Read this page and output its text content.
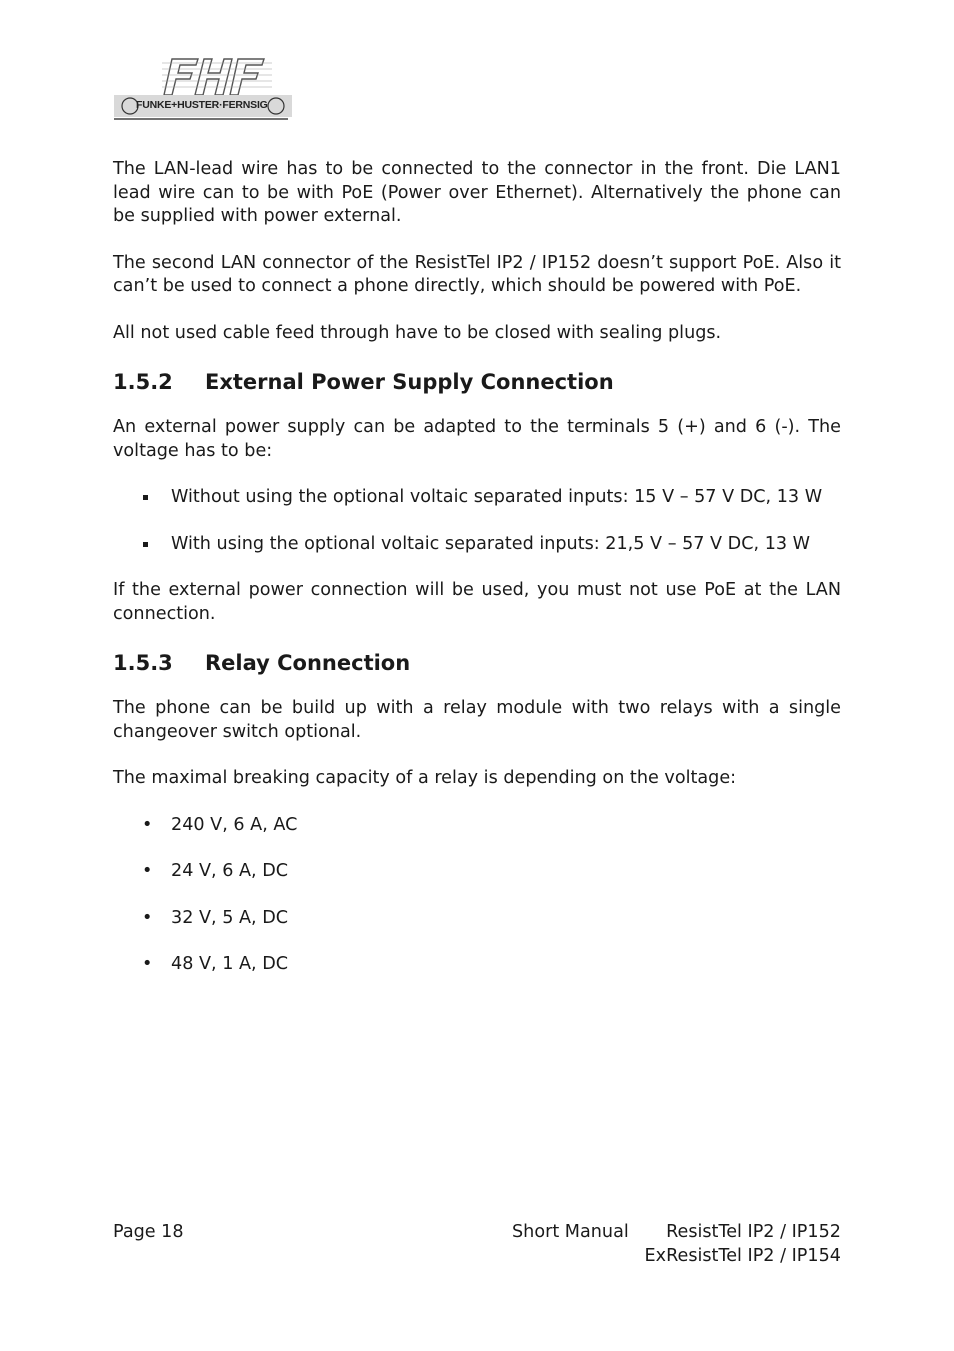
FUNKE+HUSTER·FERNSIG

The LAN-lead wire has to be connected to the connector in the front. Die LAN1 lead wire can to be with PoE (Power over Ethernet). Alternatively the phone can be supplied with power external.

The second LAN connector of the ResistTel IP2 / IP152 doesn’t support PoE. Also it can’t be used to connect a phone directly, which should be powered with PoE.

All not used cable feed through have to be closed with sealing plugs.

1.5.2	External Power Supply Connection

An external power supply can be adapted to the terminals 5 (+) and 6 (-). The voltage has to be:

Without using the optional voltaic separated inputs: 15 V – 57 V DC, 13 W
With using the optional voltaic separated inputs: 21,5 V – 57 V DC, 13 W

If the external power connection will be used, you must not use PoE at the LAN connection.

1.5.3	Relay Connection

The phone can be build up with a relay module with two relays with a single changeover switch optional.

The maximal breaking capacity of a relay is depending on the voltage:

• 240 V, 6 A, AC
• 24 V, 6 A, DC
• 32 V, 5 A, DC
• 48 V, 1 A, DC
Page 18	Short Manual	ResistTel IP2 / IP152
ExResistTel IP2 / IP154
